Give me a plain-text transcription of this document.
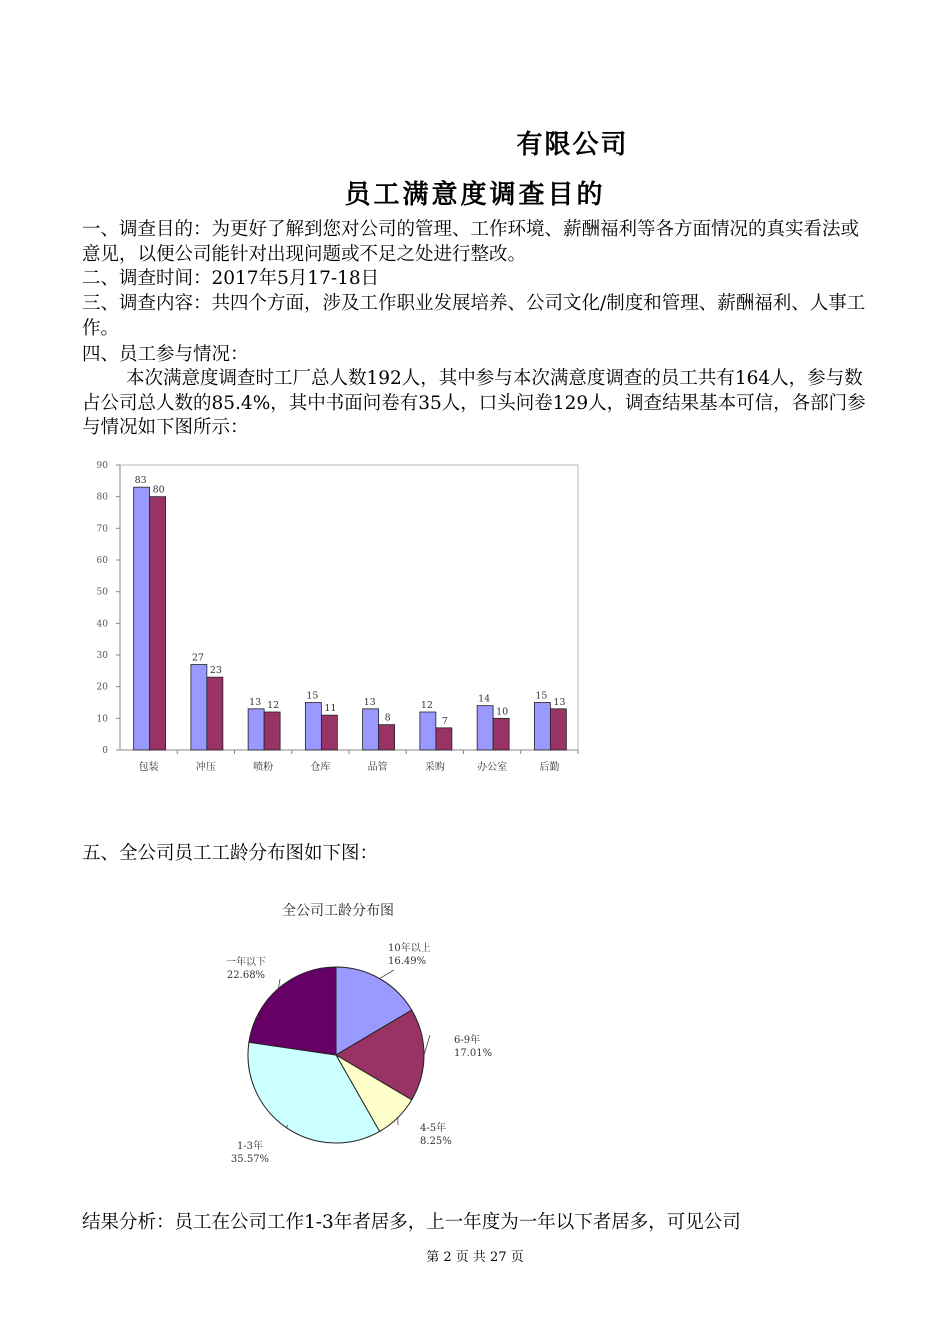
有限公司
员工满意度调查目的
一、调查目的：为更好了解到您对公司的管理、工作环境、薪酬福利等各方面情况的真实看法或意见，以便公司能针对出现问题或不足之处进行整改。
二、调查时间：2017年5月17-18日
三、调查内容：共四个方面，涉及工作职业发展培养、公司文化/制度和管理、薪酬福利、人事工作。
四、员工参与情况：
本次满意度调查时工厂总人数192人，其中参与本次满意度调查的员工共有164人，参与数占公司总人数的85.4%，其中书面问卷有35人，口头问卷129人，调查结果基本可信，各部门参与情况如下图所示：
0
10
20
30
40
50
60
70
80
90
83
80
包装
27
23
冲压
13 12
喷粉
15
11
仓库
13
8
品管
12
7
采购
14
10
办公室
15
13
后勤
五、全公司员工工龄分布图如下图：
全公司工龄分布图
10年以上
16.49%
6-9年
17.01%
4-5年
8.25%
1-3年
35.57%
一年以下
22.68%
结果分析：员工在公司工作1-3年者居多，上一年度为一年以下者居多，可见公司
第 2 页 共 27 页
